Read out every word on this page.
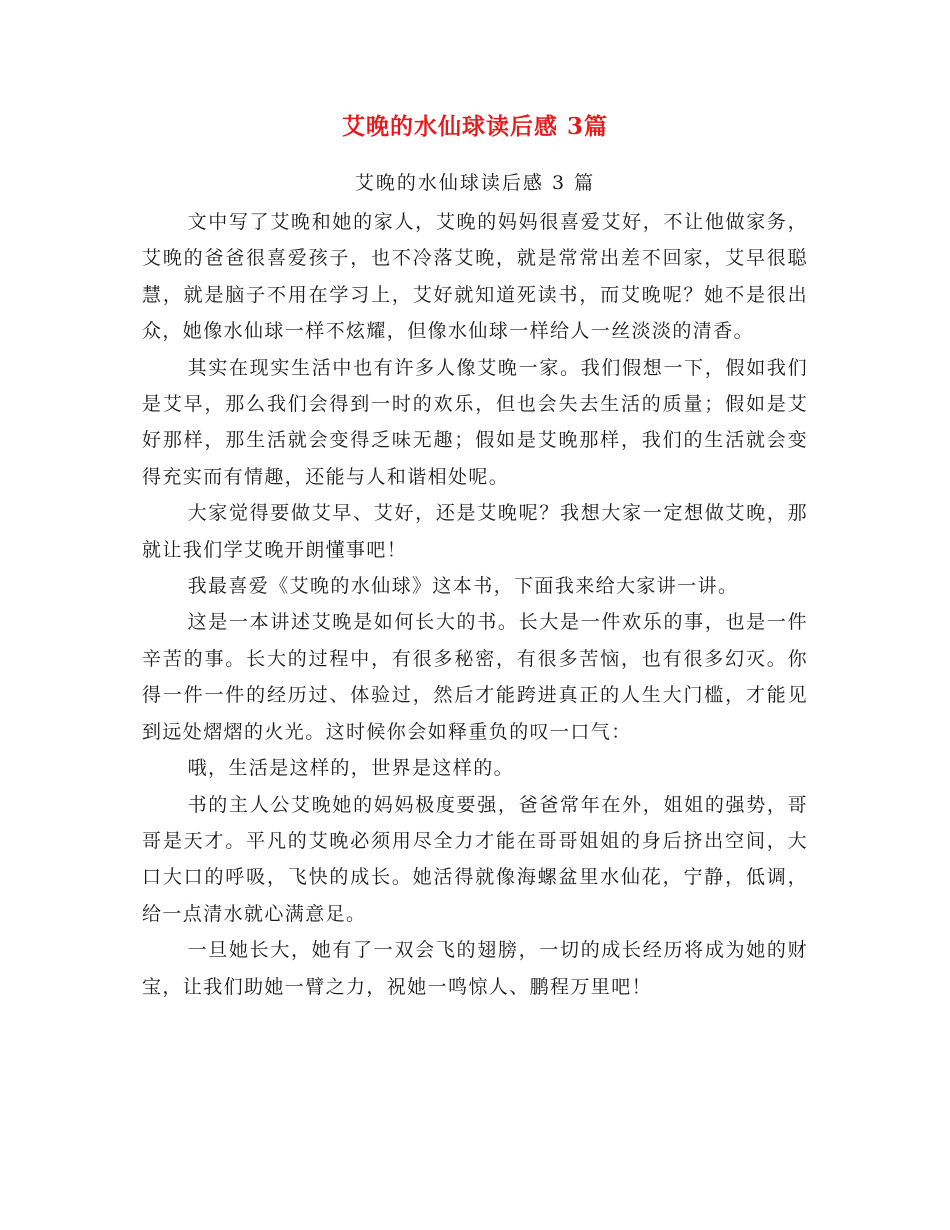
艾晚的水仙球读后感 3篇
艾晚的水仙球读后感 3 篇

文中写了艾晚和她的家人，艾晚的妈妈很喜爱艾好，不让他做家务，艾晚的爸爸很喜爱孩子，也不冷落艾晚，就是常常出差不回家，艾早很聪慧，就是脑子不用在学习上，艾好就知道死读书，而艾晚呢？她不是很出众，她像水仙球一样不炫耀，但像水仙球一样给人一丝淡淡的清香。

其实在现实生活中也有许多人像艾晚一家。我们假想一下，假如我们是艾早，那么我们会得到一时的欢乐，但也会失去生活的质量；假如是艾好那样，那生活就会变得乏味无趣；假如是艾晚那样，我们的生活就会变得充实而有情趣，还能与人和谐相处呢。

大家觉得要做艾早、艾好，还是艾晚呢？我想大家一定想做艾晚，那就让我们学艾晚开朗懂事吧！

我最喜爱《艾晚的水仙球》这本书，下面我来给大家讲一讲。

这是一本讲述艾晚是如何长大的书。长大是一件欢乐的事，也是一件辛苦的事。长大的过程中，有很多秘密，有很多苦恼，也有很多幻灭。你得一件一件的经历过、体验过，然后才能跨进真正的人生大门槛，才能见到远处熠熠的火光。这时候你会如释重负的叹一口气：

哦，生活是这样的，世界是这样的。

书的主人公艾晚她的妈妈极度要强，爸爸常年在外，姐姐的强势，哥哥是天才。平凡的艾晚必须用尽全力才能在哥哥姐姐的身后挤出空间，大口大口的呼吸，飞快的成长。她活得就像海螺盆里水仙花，宁静，低调，给一点清水就心满意足。

一旦她长大，她有了一双会飞的翅膀，一切的成长经历将成为她的财宝，让我们助她一臂之力，祝她一鸣惊人、鹏程万里吧！
